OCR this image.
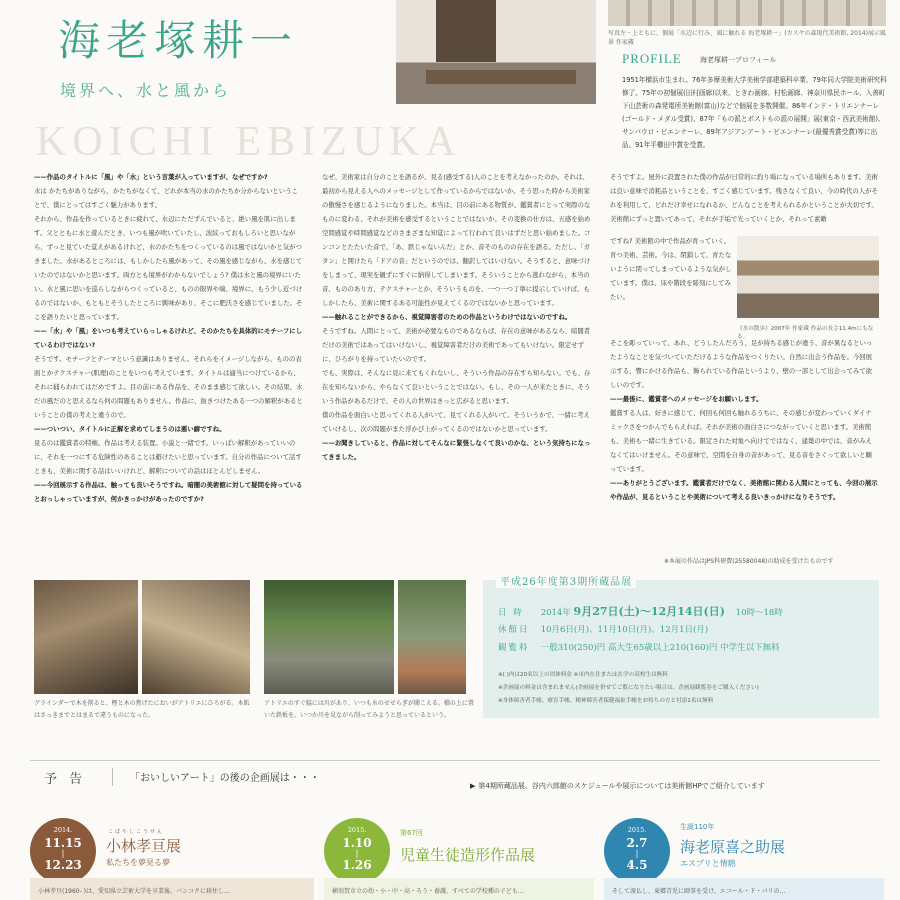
海老塚耕一
境界へ、水と風から
KOICHI EBIZUKA
写真左・上ともに、個展「水辺に行み、風に触れる 海老塚耕一」(カスヤの森現代美術館, 2014)展示風景 作家蔵
PROFILE	海老塚耕一プロフィール
1951年横浜市生まれ。76年多摩美術大学美術学部建築科卒業、79年同大学院美術研究科修了。75年の初個展(田村画廊)以来、ときわ画廊、村松画廊、神奈川県民ホール、入善町下山芸術の森発電所美術館(富山)などで個展を多数開催。86年インド・トリエンナーレ(ゴールド・メダル受賞)、87年「もの派とポストもの派の展開」展(東京・西武美術館)、サンパウロ・ビエンナーレ、89年アジアンアート・ビエンナーレ(最優秀賞受賞)等に出品。91年平櫛田中賞を受賞。

——作品のタイトルに「風」や「水」という言葉が入っていますが、なぜですか?

水は かたちがありながら、かたちがなくて、どれが本当の水のかたちか分からないということで、僕にとってはすごく魅力があります。

それから、作品を作っているときに疲れて、水辺にただずんでいると、絶い風を肌に出します。父とともに水と遊んだとき、いつも風が吹いていたし、波紋っておもしろいと思いながら、ずっと見ていた覚えがあるけれど、水のかたちをつくっているのは風ではないかと気がつきました。水があるところには、もしかしたら風があって、その風を感じながら、水を感じていたのではないかと思います。両方とも境界がわからないでしょう? 僕は水と風の境界にいたい。水と風に思いを巡らしながらつくっていると、ものの限界や端、境界に、もう少し近づけるのではないか、もともとそうしたところに興味があり、そこに肥沃さを感じていました。そこを語りたいと思っています。

——「水」や「風」をいつも考えていらっしゃるけれど、そのかたちを具体的にモチーフにしているわけではない?

そうです。モチーフとテーマという意識はありません。それらをイメージしながら、ものの表面とかテクスチャー(肌理)のことをいつも考えています。タイトルは適当につけているから、それに捕らわれてはだめですよ。目の前にある作品を、そのまま感じて欲しい。その結果、水だの風だのと思えるなら何の問題もありません。作品に、抜きつけたある一つの解釈があるということの僕の考えと違うので。

——ついつい、タイトルに正解を求めてしまうのは悪い癖ですね。

見るのは鑑賞者の特権。作品は考える装置。小説と一緒です。いっぱい解釈があっていいのに、それを一つにする危険性のあることは避けたいと思っています。自分の作品について話すときも、美術に関する話はいいけれど、解釈についての話はほとんどしません。

——今回展示する作品は、触っても良いそうですね。暗闇の美術館に対して疑問を持っているとおっしゃっていますが、何かきっかけがあったのですか?

なぜ、美術家は自分のことを語るが、見る(感受する)人のことを考えなかったのか。それは、最初から見える人へのメッセージとして作っているからではないか。そう思った時から美術家の傲慢さを感じるようになりました。本当は、目の前にある物質が、鑑賞者にとって実際のなものに変わる、それが美術を感受するということではないか。その変換の仕方は、五感を始め空間感覚や時間感覚などのさまざまな知覚によって行われて良いはずだと思い始めました。コンコンとたたいた音で、「あ、鉄じゃないんだ」とか、音そのものの存在を語る。ただし、「ガタン」と開けたら「ドアの音」だというのでは、翻訳してはいけない。そうすると、意味づけをしまって、現実を観ずにすぐに納得してしまいます。そういうことから逃れながら、本当の音、もののあり方、テクスチャーとか、そういうものを、一つ一つ丁寧に提示していけば、もしかしたら、美術に関するある可能性が見えてくるのではないかと思っています。

——触れることができるから、視覚障害者のための作品というわけではないのですね。

そうですね。人間にとって、美術が必要なものであるならば、存在の意味があるなら、暗闇者だけの美術ではあってはいけないし、視覚障害者だけの美術であってもいけない。限定せずに、ひろがりを持っていたいのです。

でも、実際は、そんなに見に来てもくれないし、そういう作品の存在すら知らない。でも、存在を知らないから、やらなくて良いということではない。もし、その一人が来たときに、そういう作品があるだけで、その人の世界はきっと広がると思います。

僕の作品を面白いと思ってくれる人がいて、見てくれる人がいて。そういうかで、一緒に考えていけるし、次の問題がまた浮かび上がってくるのではないかと思っています。

——お聞きしていると、作品に対してそんなに緊張しなくて良いのかな、という気持ちになってきました。

そうですよ。屋外に設置された僕の作品が日常的に釣り場になっている場所もあります。美術は良い意味で消耗品ということを、すごく感じています。残さなくて良い、今の時代の人がそれを利用して、どれだけ幸せになれるか、どんなことを考えられるかということが大切です。美術館にずっと置いてあって、それが手垢で光っていくとか、それって素敵

ですね? 美術館の中で作品が育っていく。育つ美術、芸術。今は、閉鎖して、育たないように閉ってしまっているような気がしています。僕は、床や階段を彫刻にしてみたい。

《水の散歩》2007年 作家蔵 作品の長さ11.4mにもなる。

そこを彫っていって、あれ、どうしたんだろう、足が持ちる感じが違う、音が異なるといったようなことを気づいていただけるような作品をつくりたい。自然に出会う作品を。今回展示する、響にかける作品も、飾られている作品というより、壁の一部として出会ってみて欲しいのです。

——最後に、鑑賞者へのメッセージをお願いします。

鑑賞する人は、好きに感じて、何回も何回も触れるうちに、その感じが変わっていくダイナミックさをつかんでもらえれば。それが美術の面白さにつながっていくと思います。美術館も、美術も一緒に生きている。限定された対象へ向けてではなく、建築の中では、音がみえなくてはいけません。その意味で、空間を自身の音があって、見る音をさぐって欲しいと願っています。

——ありがとうございます。鑑賞者だけでなく、美術館に関わる人間にとっても、今回の展示や作品が、見るということや美術について考える良いきっかけになりそうです。

※本展の作品はJPS科研費(25580048)の助成を受けたものです
グラインダーで木を削ると、樫と木の焦げたにおいがアトリエにひろがる。木肌はさっきまでとはまるで違うものになった。
アトリエのすぐ脇には川があり、いつも水のせせらぎが聞こえる。橋の上に置いた鉄板を、いつか川を見ながら削ってみようと思っているという。
平成26年度第3期所蔵品展
日 時 2014年 9月27日(土)～12月14日(日) 10時～18時
休館日 10月6日(月)、11月10日(月)、12月1日(月)
観覧料 一般310(250)円 高大生65歳以上210(160)円 中学生以下無料
※( )内は20名以上の団体料金 ※市内在住または在学の高校生は無料
※企画展の料金は含まれません(企画展を併せてご覧になりたい場合は、企画展観覧券をご購入ください)
※身体障害者手帳、療育手帳、精神障害者保健福祉手帳をお持ちの方と付添1名は無料
予 告	「おいしいアート」の後の企画展は・・・
▶ 第4期所蔵品展、谷内六郎館のスケジュールや展示については美術館HPでご紹介しています
2014.
11.15
|
12.23
こばやしこうせん
小林孝亘展
私たちを夢見る夢
2015.
1.10
|
1.26
第67回
児童生徒造形作品展
2015.
2.7
|
4.5
生誕110年
海老原喜之助展
エスプリと情熱
小林孝亘(1960- )は、愛知県立芸術大学を卒業後、バンコクに移住し…	横須賀市立の幼・小・中・高・ろう・養護、すべての学校種の子ども…	そして渡仏し、東郷青児に師事を受け、エコール・ド・パリの…
